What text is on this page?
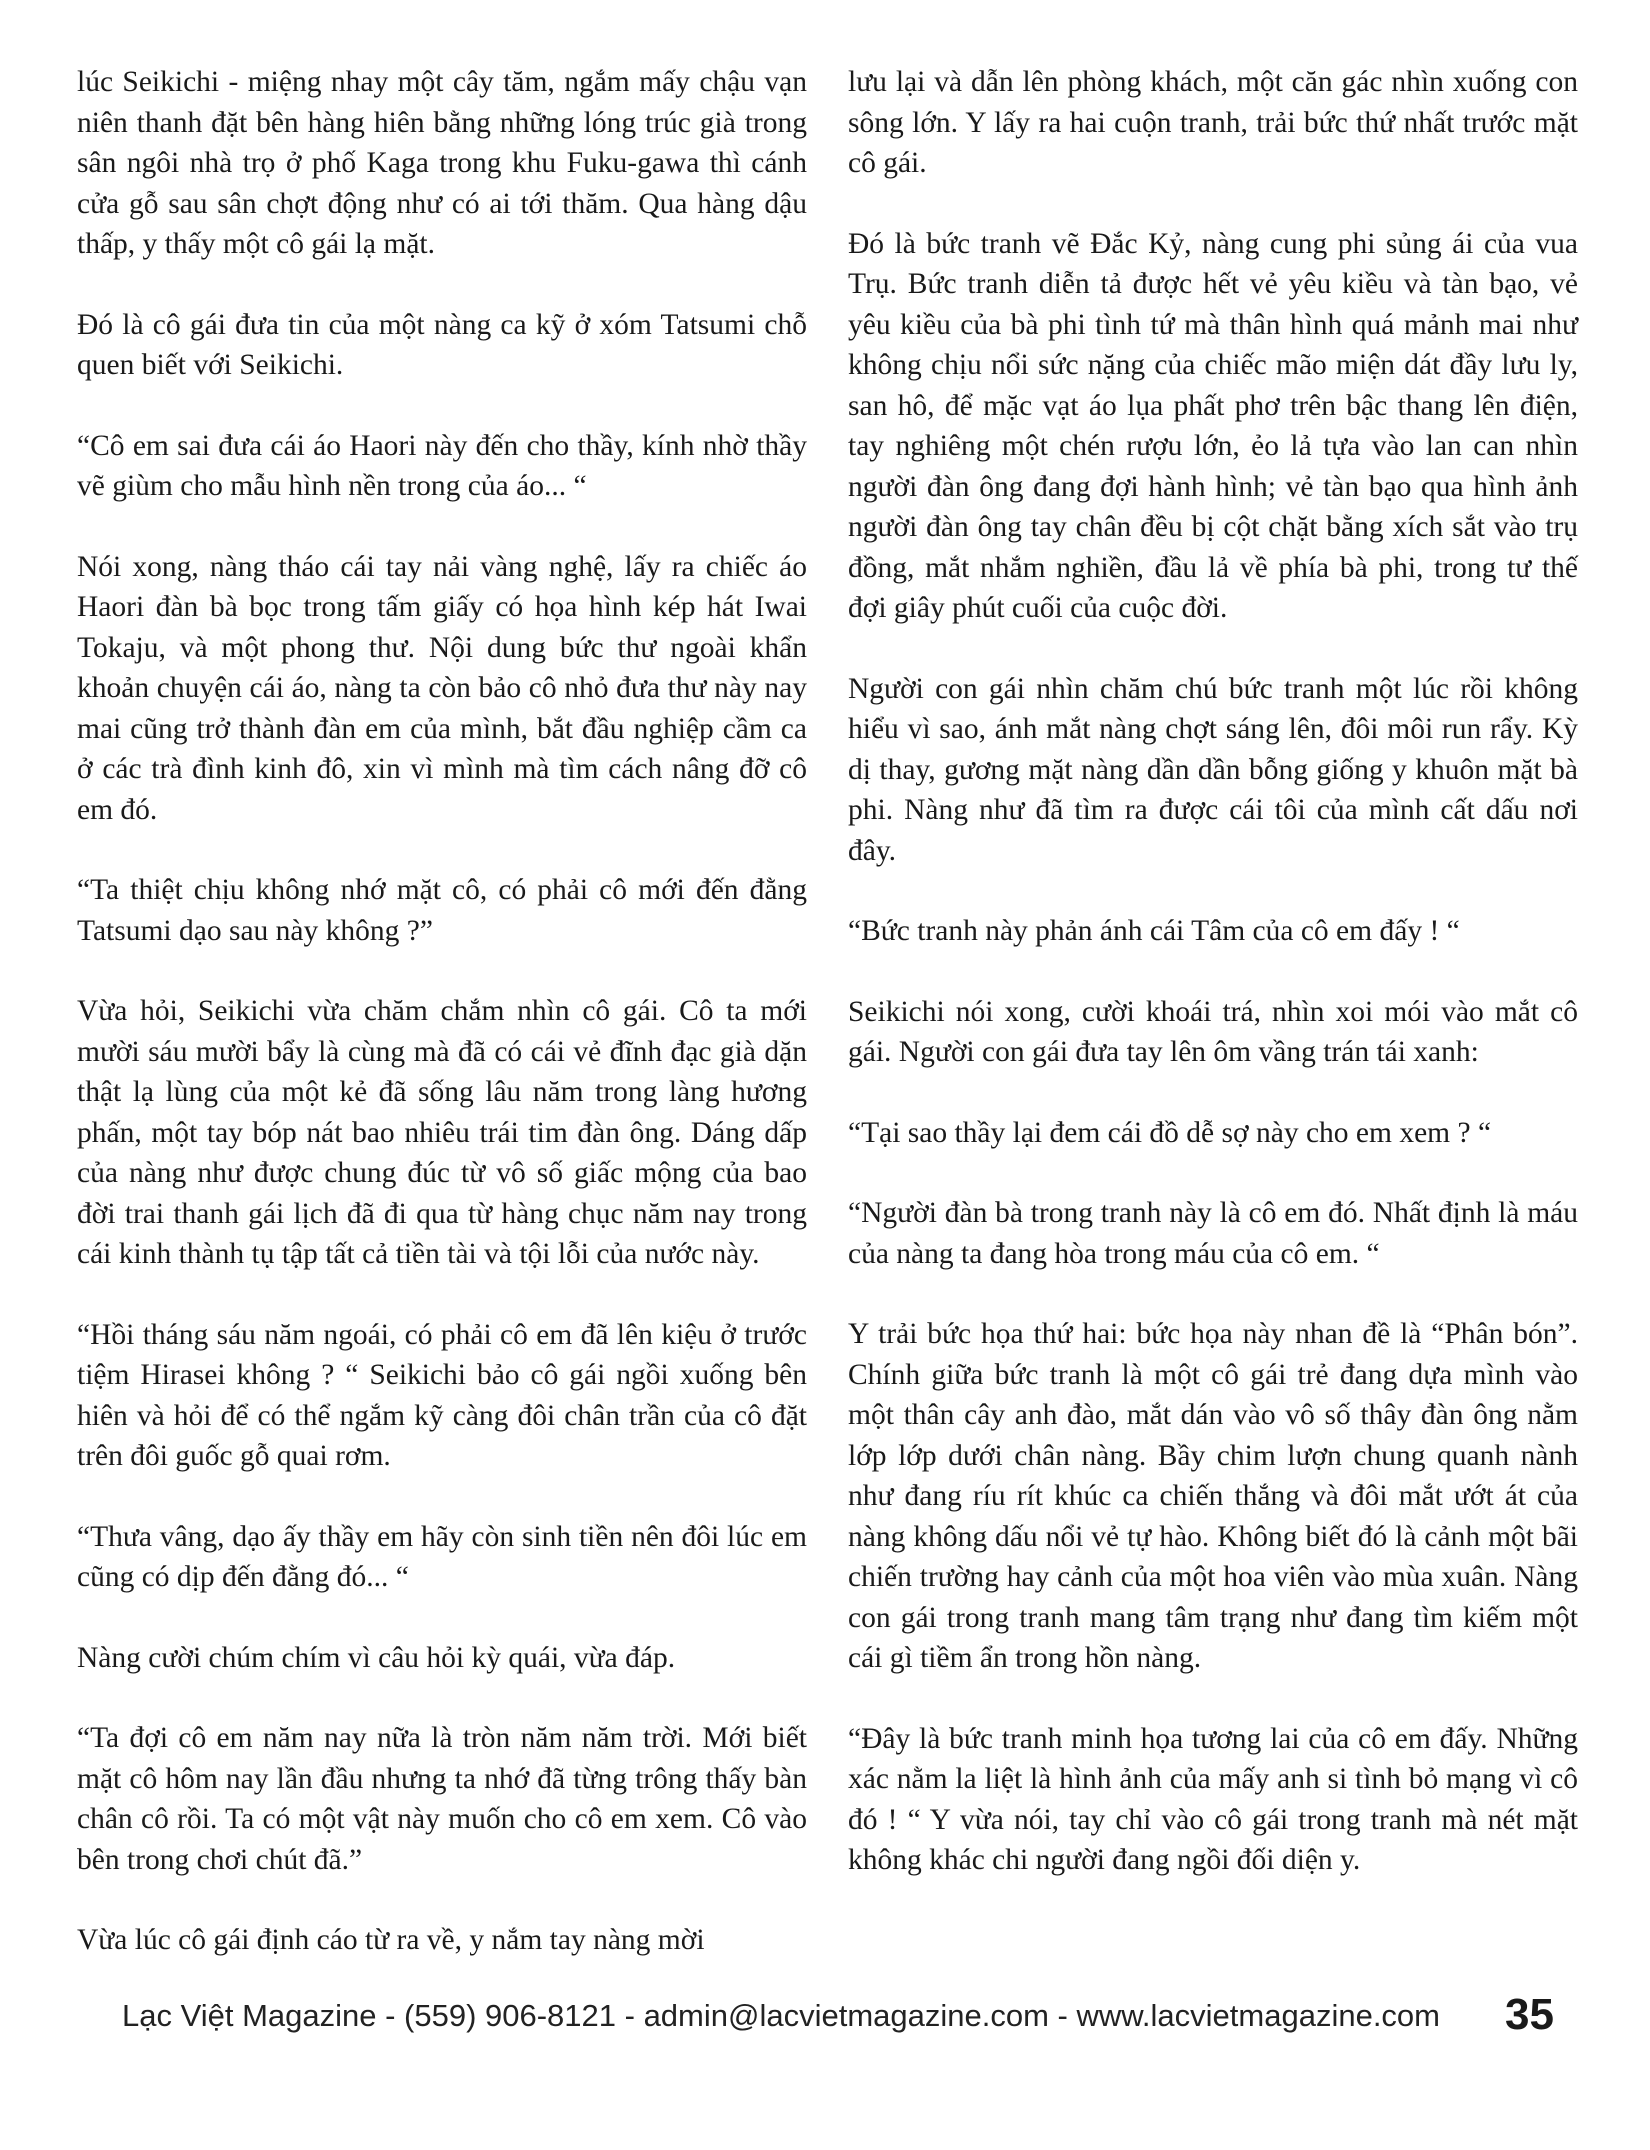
lúc Seikichi - miệng nhay một cây tăm, ngắm mấy chậu vạn niên thanh đặt bên hàng hiên bằng những lóng trúc già trong sân ngôi nhà trọ ở phố Kaga trong khu Fuku-gawa thì cánh cửa gỗ sau sân chợt động như có ai tới thăm. Qua hàng dậu thấp, y thấy một cô gái lạ mặt.

Đó là cô gái đưa tin của một nàng ca kỹ ở xóm Tatsumi chỗ quen biết với Seikichi.

“Cô em sai đưa cái áo Haori này đến cho thầy, kính nhờ thầy vẽ giùm cho mẫu hình nền trong của áo... “

Nói xong, nàng tháo cái tay nải vàng nghệ, lấy ra chiếc áo Haori đàn bà bọc trong tấm giấy có họa hình kép hát Iwai Tokaju, và một phong thư. Nội dung bức thư ngoài khẩn khoản chuyện cái áo, nàng ta còn bảo cô nhỏ đưa thư này nay mai cũng trở thành đàn em của mình, bắt đầu nghiệp cầm ca ở các trà đình kinh đô, xin vì mình mà tìm cách nâng đỡ cô em đó.

“Ta thiệt chịu không nhớ mặt cô, có phải cô mới đến đằng Tatsumi dạo sau này không ?”

Vừa hỏi, Seikichi vừa chăm chắm nhìn cô gái. Cô ta mới mười sáu mười bẩy là cùng mà đã có cái vẻ đĩnh đạc già dặn thật lạ lùng của một kẻ đã sống lâu năm trong làng hương phấn, một tay bóp nát bao nhiêu trái tim đàn ông. Dáng dấp của nàng như được chung đúc từ vô số giấc mộng của bao đời trai thanh gái lịch đã đi qua từ hàng chục năm nay trong cái kinh thành tụ tập tất cả tiền tài và tội lỗi của nước này.

“Hồi tháng sáu năm ngoái, có phải cô em đã lên kiệu ở trước tiệm Hirasei không ? “ Seikichi bảo cô gái ngồi xuống bên hiên và hỏi để có thể ngắm kỹ càng đôi chân trần của cô đặt trên đôi guốc gỗ quai rơm.

“Thưa vâng, dạo ấy thầy em hãy còn sinh tiền nên đôi lúc em cũng có dịp đến đằng đó... “

Nàng cười chúm chím vì câu hỏi kỳ quái, vừa đáp.

“Ta đợi cô em năm nay nữa là tròn năm năm trời. Mới biết mặt cô hôm nay lần đầu nhưng ta nhớ đã từng trông thấy bàn chân cô rồi. Ta có một vật này muốn cho cô em xem. Cô vào bên trong chơi chút đã.”

Vừa lúc cô gái định cáo từ ra về, y nắm tay nàng mời

lưu lại và dẫn lên phòng khách, một căn gác nhìn xuống con sông lớn. Y lấy ra hai cuộn tranh, trải bức thứ nhất trước mặt cô gái.

Đó là bức tranh vẽ Đắc Kỷ, nàng cung phi sủng ái của vua Trụ. Bức tranh diễn tả được hết vẻ yêu kiều và tàn bạo, vẻ yêu kiều của bà phi tình tứ mà thân hình quá mảnh mai như không chịu nổi sức nặng của chiếc mão miện dát đầy lưu ly, san hô, để mặc vạt áo lụa phất phơ trên bậc thang lên điện, tay nghiêng một chén rượu lớn, ẻo lả tựa vào lan can nhìn người đàn ông đang đợi hành hình; vẻ tàn bạo qua hình ảnh người đàn ông tay chân đều bị cột chặt bằng xích sắt vào trụ đồng, mắt nhắm nghiền, đầu lả về phía bà phi, trong tư thế đợi giây phút cuối của cuộc đời.

Người con gái nhìn chăm chú bức tranh một lúc rồi không hiểu vì sao, ánh mắt nàng chợt sáng lên, đôi môi run rẩy. Kỳ dị thay, gương mặt nàng dần dần bỗng giống y khuôn mặt bà phi. Nàng như đã tìm ra được cái tôi của mình cất dấu nơi đây.

“Bức tranh này phản ánh cái Tâm của cô em đấy ! “

Seikichi nói xong, cười khoái trá, nhìn xoi mói vào mắt cô gái. Người con gái đưa tay lên ôm vầng trán tái xanh:

“Tại sao thầy lại đem cái đồ dễ sợ này cho em xem ? “

“Người đàn bà trong tranh này là cô em đó. Nhất định là máu của nàng ta đang hòa trong máu của cô em. “

Y trải bức họa thứ hai: bức họa này nhan đề là “Phân bón”. Chính giữa bức tranh là một cô gái trẻ đang dựa mình vào một thân cây anh đào, mắt dán vào vô số thây đàn ông nằm lớp lớp dưới chân nàng. Bầy chim lượn chung quanh nành như đang ríu rít khúc ca chiến thắng và đôi mắt ướt át của nàng không dấu nổi vẻ tự hào. Không biết đó là cảnh một bãi chiến trường hay cảnh của một hoa viên vào mùa xuân. Nàng con gái trong tranh mang tâm trạng như đang tìm kiếm một cái gì tiềm ẩn trong hồn nàng.

“Đây là bức tranh minh họa tương lai của cô em đấy. Những xác nằm la liệt là hình ảnh của mấy anh si tình bỏ mạng vì cô đó ! “ Y vừa nói, tay chỉ vào cô gái trong tranh mà nét mặt không khác chi người đang ngồi đối diện y.

Lạc Việt Magazine - (559) 906-8121 - admin@lacvietmagazine.com - www.lacvietmagazine.com 35
